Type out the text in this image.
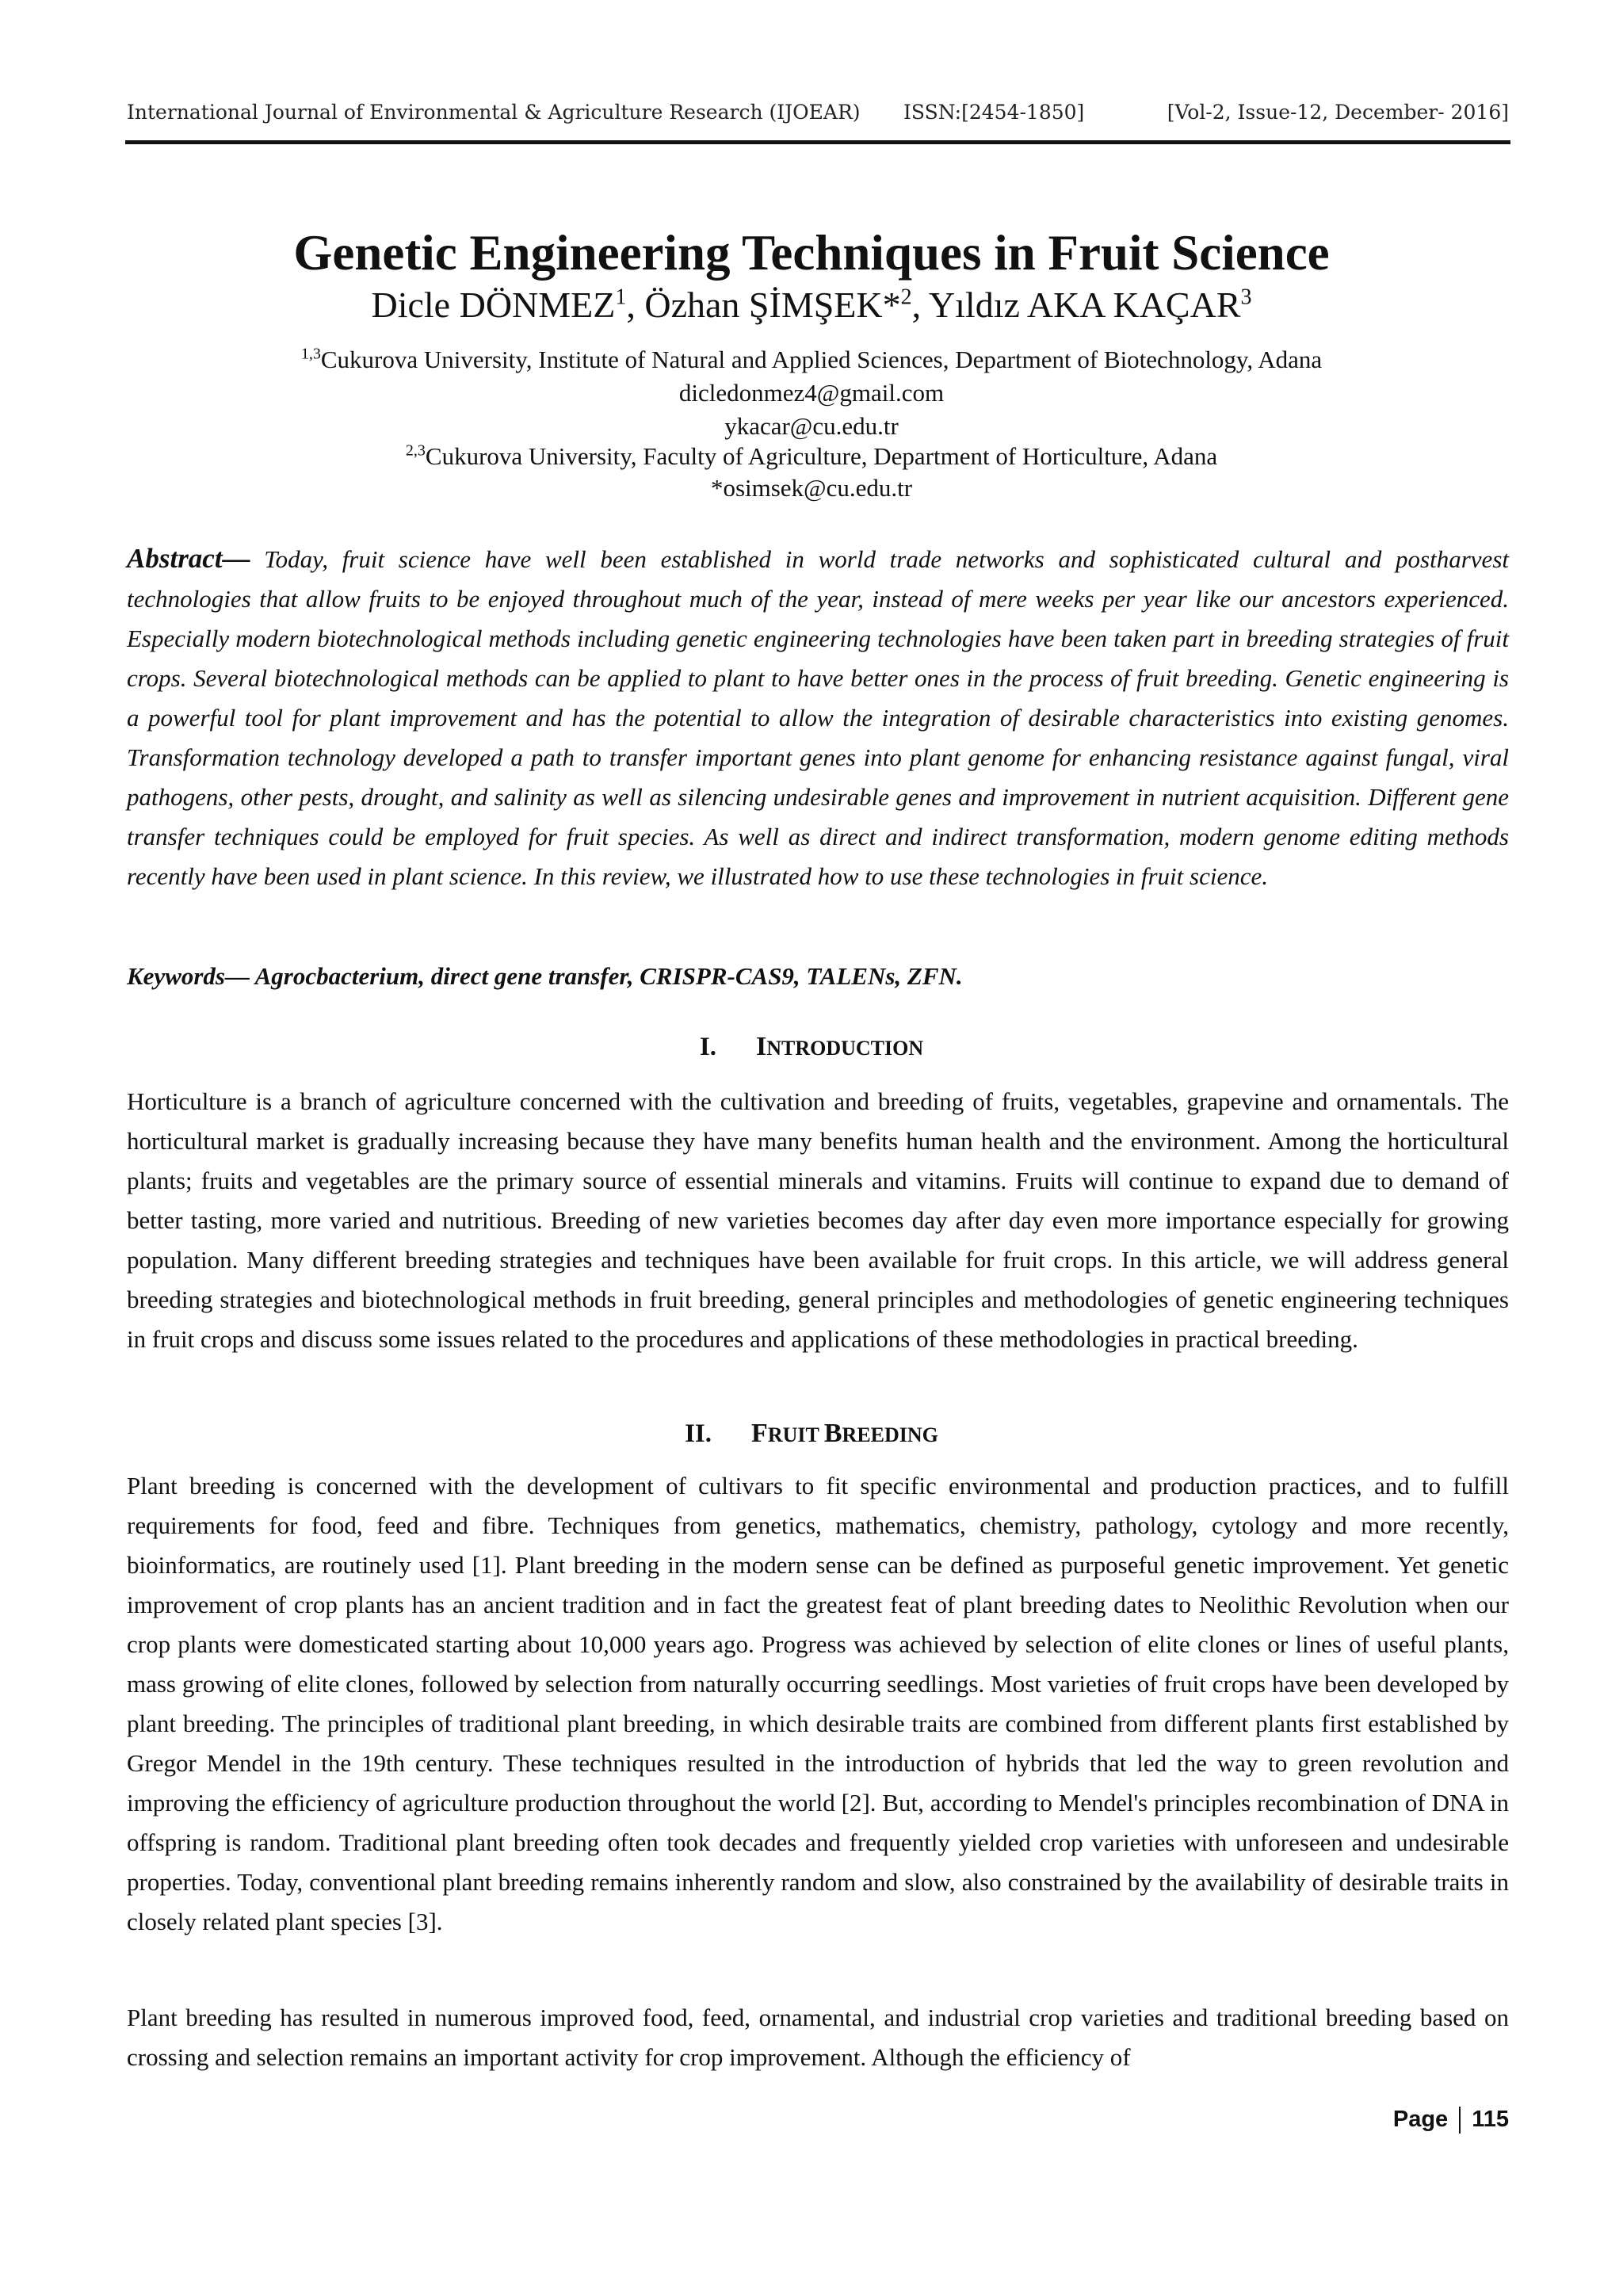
International Journal of Environmental & Agriculture Research (IJOEAR) ISSN:[2454-1850]	[Vol-2, Issue-12, December- 2016]
Genetic Engineering Techniques in Fruit Science
Dicle DÖNMEZ$^1$, Özhan ŞİMŞEK*$^2$, Yıldız AKA KAÇAR$^3$
$^{1,3}$Cukurova University, Institute of Natural and Applied Sciences, Department of Biotechnology, Adana
dicledonmez4@gmail.com
ykacar@cu.edu.tr
$^{2,3}$Cukurova University, Faculty of Agriculture, Department of Horticulture, Adana
*osimsek@cu.edu.tr

Abstract— Today, fruit science have well been established in world trade networks and sophisticated cultural and postharvest technologies that allow fruits to be enjoyed throughout much of the year, instead of mere weeks per year like our ancestors experienced. Especially modern biotechnological methods including genetic engineering technologies have been taken part in breeding strategies of fruit crops. Several biotechnological methods can be applied to plant to have better ones in the process of fruit breeding. Genetic engineering is a powerful tool for plant improvement and has the potential to allow the integration of desirable characteristics into existing genomes. Transformation technology developed a path to transfer important genes into plant genome for enhancing resistance against fungal, viral pathogens, other pests, drought, and salinity as well as silencing undesirable genes and improvement in nutrient acquisition. Different gene transfer techniques could be employed for fruit species. As well as direct and indirect transformation, modern genome editing methods recently have been used in plant science. In this review, we illustrated how to use these technologies in fruit science.

Keywords— Agrocbacterium, direct gene transfer, CRISPR-CAS9, TALENs, ZFN.

I. INTRODUCTION

Horticulture is a branch of agriculture concerned with the cultivation and breeding of fruits, vegetables, grapevine and ornamentals. The horticultural market is gradually increasing because they have many benefits human health and the environment. Among the horticultural plants; fruits and vegetables are the primary source of essential minerals and vitamins. Fruits will continue to expand due to demand of better tasting, more varied and nutritious. Breeding of new varieties becomes day after day even more importance especially for growing population. Many different breeding strategies and techniques have been available for fruit crops. In this article, we will address general breeding strategies and biotechnological methods in fruit breeding, general principles and methodologies of genetic engineering techniques in fruit crops and discuss some issues related to the procedures and applications of these methodologies in practical breeding.

II. FRUIT BREEDING

Plant breeding is concerned with the development of cultivars to fit specific environmental and production practices, and to fulfill requirements for food, feed and fibre. Techniques from genetics, mathematics, chemistry, pathology, cytology and more recently, bioinformatics, are routinely used [1]. Plant breeding in the modern sense can be defined as purposeful genetic improvement. Yet genetic improvement of crop plants has an ancient tradition and in fact the greatest feat of plant breeding dates to Neolithic Revolution when our crop plants were domesticated starting about 10,000 years ago. Progress was achieved by selection of elite clones or lines of useful plants, mass growing of elite clones, followed by selection from naturally occurring seedlings. Most varieties of fruit crops have been developed by plant breeding. The principles of traditional plant breeding, in which desirable traits are combined from different plants first established by Gregor Mendel in the 19th century. These techniques resulted in the introduction of hybrids that led the way to green revolution and improving the efficiency of agriculture production throughout the world [2]. But, according to Mendel's principles recombination of DNA in offspring is random. Traditional plant breeding often took decades and frequently yielded crop varieties with unforeseen and undesirable properties. Today, conventional plant breeding remains inherently random and slow, also constrained by the availability of desirable traits in closely related plant species [3].

Plant breeding has resulted in numerous improved food, feed, ornamental, and industrial crop varieties and traditional breeding based on crossing and selection remains an important activity for crop improvement. Although the efficiency of

Page 115
